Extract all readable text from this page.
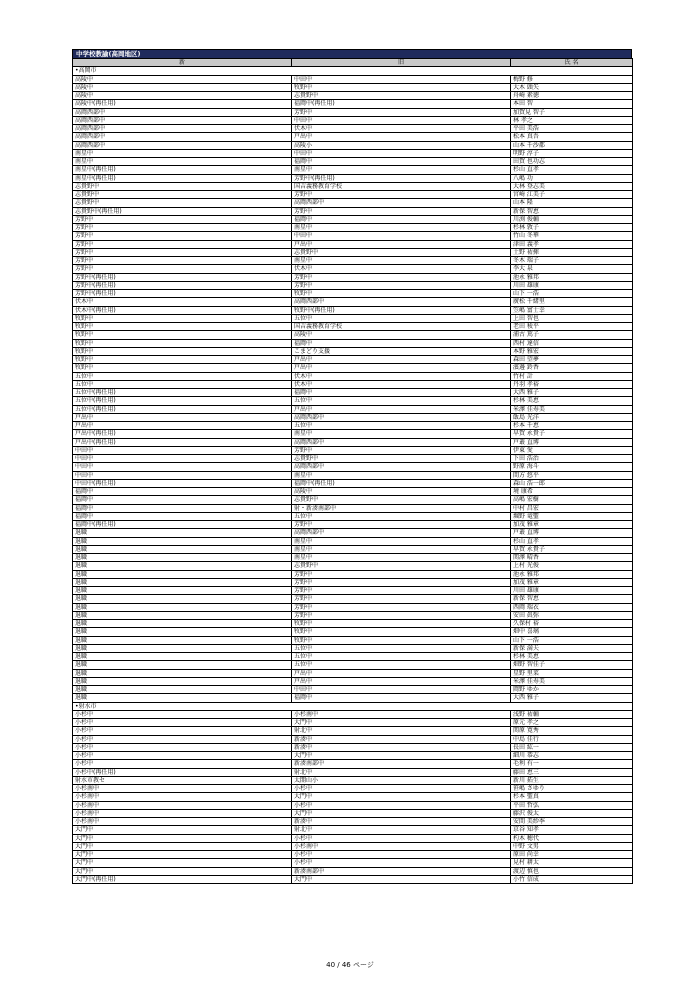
中学校教諭(高岡地区)
新	旧	氏 名
•高岡市		
高陵中	中田中	梅野 修
高陵中	牧野中	大木 頭矢
高陵中	志貴野中	舟崎 素徳
高陵中(再任用)	福岡中(再任用)	本田 智
高岡西部中	芳野中	加賀見 智子
高岡西部中	中田中	林 孝之
高岡西部中	伏木中	平田 美浩
高岡西部中	戸出中	松本 真吾
高岡西部中	高陵小	山本 千沙都
南星中	中田中	明野 淳子
南星中	福岡中	田賀 也功志
南星中(再任用)	南星中	杉山 直孝
南星中(再任用)	芳野中(再任用)	八嶋 功
志貴野中	国吉義務教育学校	大林 登志美
志貴野中	芳野中	宮崎 江美子
志貴野中	高岡西部中	山本 隆
志貴野中(再任用)	芳野中	新保 智恵
芳野中	福岡中	川渕 俊輔
芳野中	南星中	杉林 敦子
芳野中	中田中	竹山 冬華
芳野中	戸出中	津田 義孝
芳野中	志貴野中	土野 祐揮
芳野中	南星中	冬木 瑞子
芳野中	伏木中	李大 泉
芳野中(再任用)	芳野中	池永 雅邦
芳野中(再任用)	芳野中	川田 雄康
芳野中(再任用)	牧野中	山下 一浩
伏木中	高岡西部中	廣松 千緒里
伏木中(再任用)	牧野中(再任用)	笠嶋 富士幸
牧野中	五位中	上田 智也
牧野中	国吉義務教育学校	老田 稜平
牧野中	高陵中	浦古 篤子
牧野中	福岡中	西村 達信
牧野中	こまどり支援	本野 雅宏
牧野中	戸出中	森田 望夢
牧野中	戸出中	濱邊 鈴香
五位中	伏木中	竹村 計
五位中	伏木中	丹羽 孝裕
五位中(再任用)	福岡中	大西 雅子
五位中(再任用)	五位中	杉林 美恵
五位中(再任用)	戸出中	米澤 佳寿美
戸出中	高岡西部中	飯島 光洋
戸出中	五位中	杉本 千恵
戸出中(再任用)	南星中	早賀 永貴子
戸出中(再任用)	高岡西部中	戸叢 直博
中田中	芳野中	伊東 愛
中田中	志貴野中	下田 浩治
中田中	高岡西部中	野原 海斗
中田中	南星中	間方 悠平
中田中(再任用)	福岡中(再任用)	森山 浩一郎
福岡中	高陵中	境 康希
福岡中	志貴野中	高嶋 宏樹
福岡中	射・新湊南部中	中村 昌宏
福岡中	五位中	堀野 竜聖
福岡中(再任用)	芳野中	加茂 雅章
退職	高岡西部中	戸叢 直博
退職	南星中	杉山 直孝
退職	南星中	早賀 永貴子
退職	南星中	関澤 晴香
退職	志貴野中	上村 光俊
退職	芳野中	池永 雅邦
退職	芳野中	加茂 雅章
退職	芳野中	川田 雄康
退職	芳野中	新保 智恵
退職	芳野中	西岡 瑞衣
退職	芳野中	安田 眞弥
退職	牧野中	久保村 裕
退職	牧野中	畑中 喜璃
退職	牧野中	山下 一浩
退職	五位中	新保 満夫
退職	五位中	杉林 美恵
退職	五位中	畑野 智佳子
退職	戸出中	星野 里菜
退職	戸出中	米澤 佳寿美
退職	中田中	岡野 ゆか
退職	福岡中	大西 雅子
•射水市		
小杉中	小杉南中	浅野 祐輔
小杉中	大門中	原元 孝之
小杉中	射北中	関原 寛秀
小杉中	新湊中	中島 佳行
小杉中	新湊中	長田 紘一
小杉中	大門中	細川 恭志
小杉中	新湊南部中	毛利 有一
小杉中(再任用)	射北中	藤田 恵三
射水市教セ	太閤山小	新川 拓生
小杉南中	小杉中	笹嶋 さゆり
小杉南中	大門中	杉本 聖真
小杉南中	小杉中	平田 哲弘
小杉南中	大門中	藤沢 俊太
小杉南中	新湊中	安間 美紗季
大門中	射北中	京谷 知孝
大門中	小杉中	杓木 穂代
大門中	小杉南中	中野 文男
大門中	小杉中	原田 尚幸
大門中	小杉中	見村 耕太
大門中	新湊南部中	渡辺 慎也
大門中(再任用)	大門中	小竹 信成
40 / 46 ページ
